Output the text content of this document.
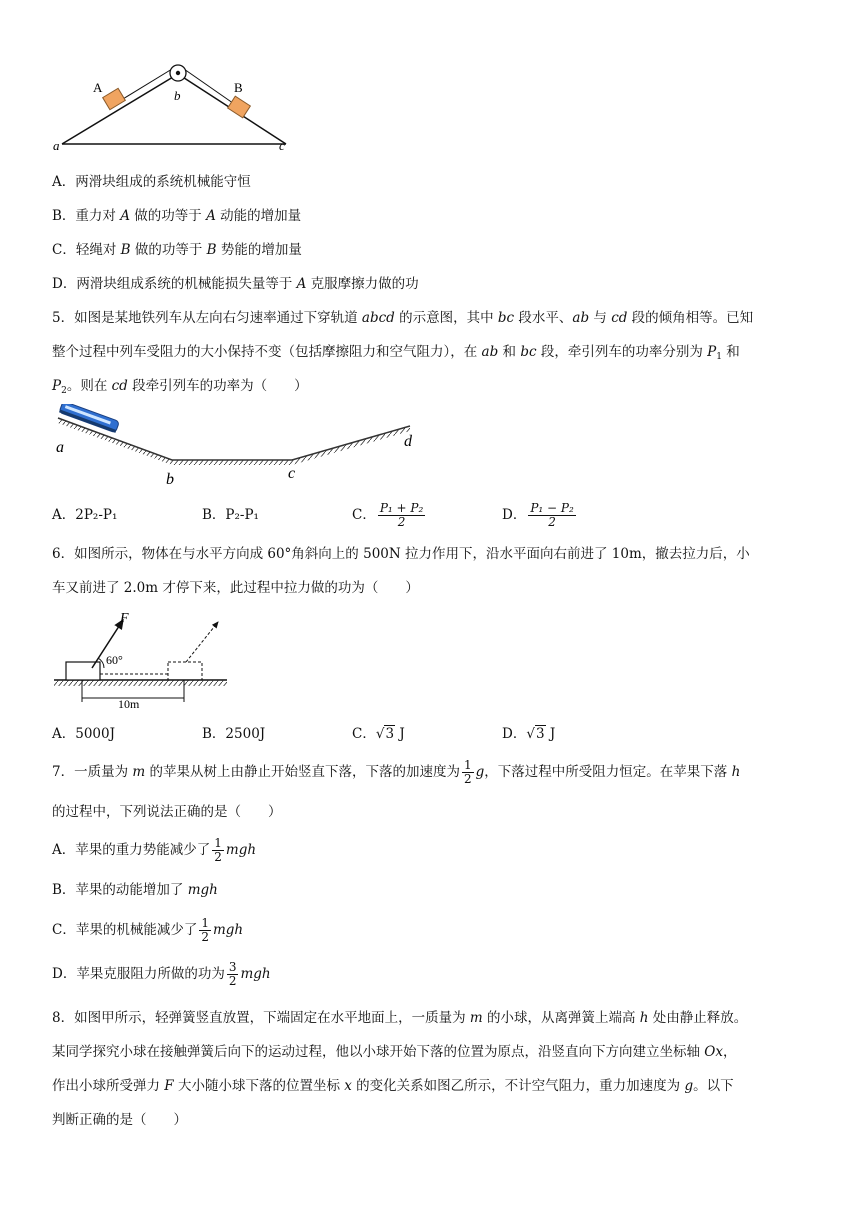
A	B
a
b
c
A．两滑块组成的系统机械能守恒
B．重力对 A 做的功等于 A 动能的增加量
C．轻绳对 B 做的功等于 B 势能的增加量
D．两滑块组成系统的机械能损失量等于 A 克服摩擦力做的功
5．如图是某地铁列车从左向右匀速率通过下穿轨道 abcd 的示意图，其中 bc 段水平、ab 与 cd 段的倾角相等。已知
整个过程中列车受阻力的大小保持不变（包括摩擦阻力和空气阻力），在 ab 和 bc 段，牵引列车的功率分别为 $P_1$ 和
$P_2$。则在 cd 段牵引列车的功率为（　　）
a
b	c
d
A．2P₂-P₁	B．P₂-P₁	C． $\frac{\text{P₁ + P₂}}{2}$	D． $\frac{\text{P₁ − P₂}}{2}$
6．如图所示，物体在与水平方向成 60°角斜向上的 500N 拉力作用下，沿水平面向右前进了 10m，撤去拉力后，小
车又前进了 2.0m 才停下来，此过程中拉力做的功为（　　）
F
60°
10m
A．5000J	B．2500J	C．√3 J	D．√3 J
7．一质量为 m 的苹果从树上由静止开始竖直下落，下落的加速度为 $\frac{1}{2}$ g，下落过程中所受阻力恒定。在苹果下落 h
的过程中，下列说法正确的是（　　）
A．苹果的重力势能减少了 $\frac{1}{2}$ mgh
B．苹果的动能增加了 mgh
C．苹果的机械能减少了 $\frac{1}{2}$ mgh
D．苹果克服阻力所做的功为 $\frac{3}{2}$ mgh
8．如图甲所示，轻弹簧竖直放置，下端固定在水平地面上，一质量为 m 的小球，从离弹簧上端高 h 处由静止释放。
某同学探究小球在接触弹簧后向下的运动过程，他以小球开始下落的位置为原点，沿竖直向下方向建立坐标轴 Ox，
作出小球所受弹力 F 大小随小球下落的位置坐标 x 的变化关系如图乙所示，不计空气阻力，重力加速度为 g。以下
判断正确的是（　　）
